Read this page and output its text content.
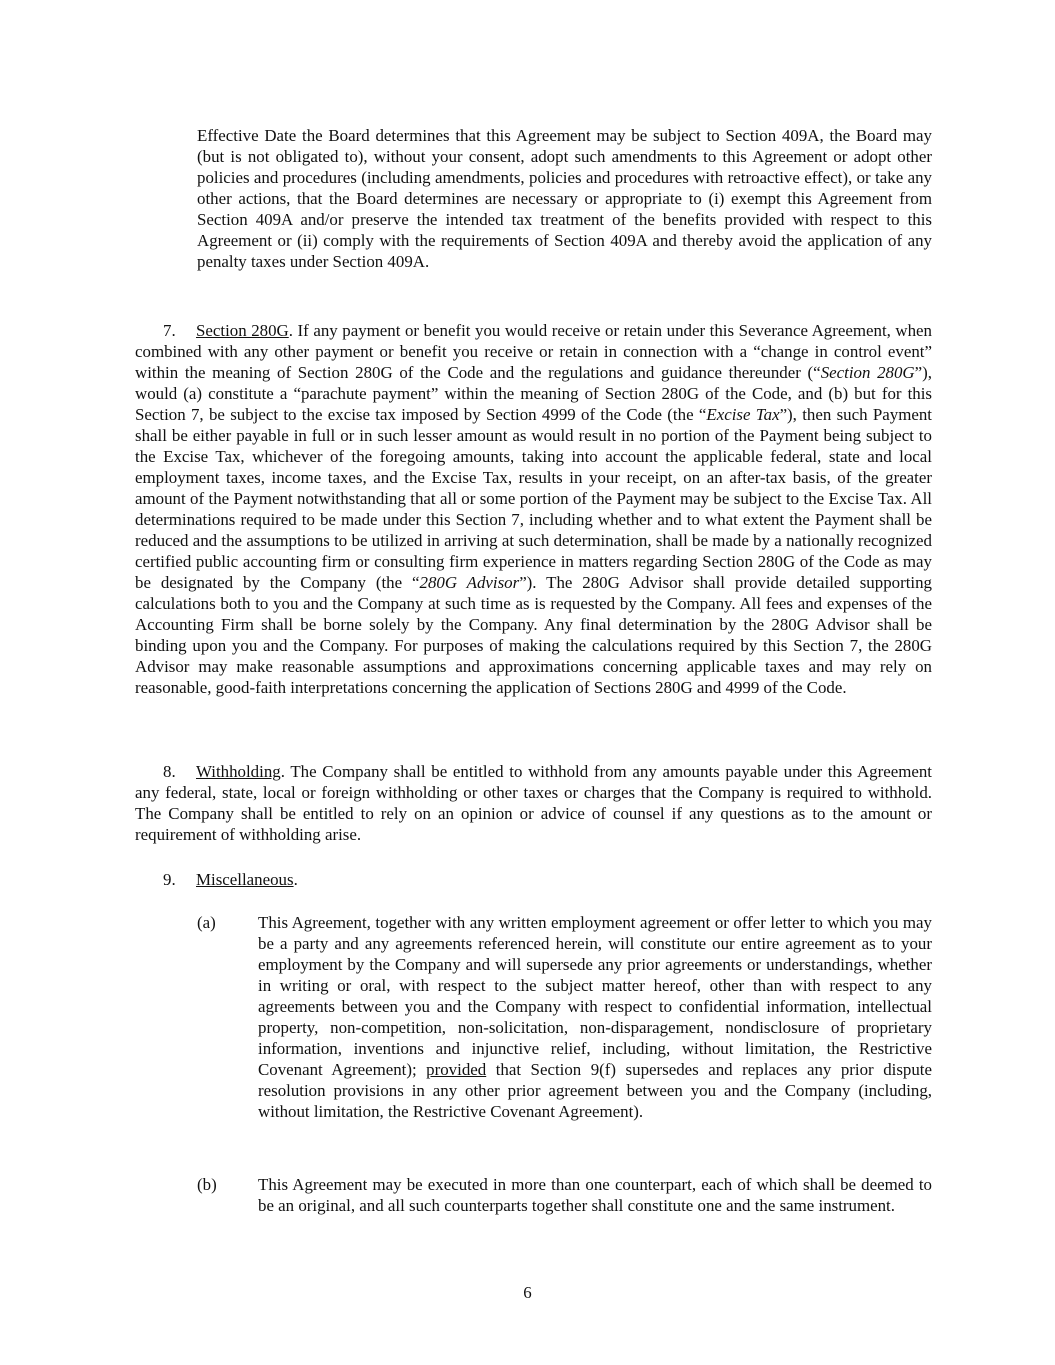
Effective Date the Board determines that this Agreement may be subject to Section 409A, the Board may (but is not obligated to), without your consent, adopt such amendments to this Agreement or adopt other policies and procedures (including amendments, policies and procedures with retroactive effect), or take any other actions, that the Board determines are necessary or appropriate to (i) exempt this Agreement from Section 409A and/or preserve the intended tax treatment of the benefits provided with respect to this Agreement or (ii) comply with the requirements of Section 409A and thereby avoid the application of any penalty taxes under Section 409A.

7. Section 280G. If any payment or benefit you would receive or retain under this Severance Agreement, when combined with any other payment or benefit you receive or retain in connection with a “change in control event” within the meaning of Section 280G of the Code and the regulations and guidance thereunder (“Section 280G”), would (a) constitute a “parachute payment” within the meaning of Section 280G of the Code, and (b) but for this Section 7, be subject to the excise tax imposed by Section 4999 of the Code (the “Excise Tax”), then such Payment shall be either payable in full or in such lesser amount as would result in no portion of the Payment being subject to the Excise Tax, whichever of the foregoing amounts, taking into account the applicable federal, state and local employment taxes, income taxes, and the Excise Tax, results in your receipt, on an after-tax basis, of the greater amount of the Payment notwithstanding that all or some portion of the Payment may be subject to the Excise Tax. All determinations required to be made under this Section 7, including whether and to what extent the Payment shall be reduced and the assumptions to be utilized in arriving at such determination, shall be made by a nationally recognized certified public accounting firm or consulting firm experience in matters regarding Section 280G of the Code as may be designated by the Company (the “280G Advisor”). The 280G Advisor shall provide detailed supporting calculations both to you and the Company at such time as is requested by the Company. All fees and expenses of the Accounting Firm shall be borne solely by the Company. Any final determination by the 280G Advisor shall be binding upon you and the Company. For purposes of making the calculations required by this Section 7, the 280G Advisor may make reasonable assumptions and approximations concerning applicable taxes and may rely on reasonable, good-faith interpretations concerning the application of Sections 280G and 4999 of the Code.

8. Withholding. The Company shall be entitled to withhold from any amounts payable under this Agreement any federal, state, local or foreign withholding or other taxes or charges that the Company is required to withhold. The Company shall be entitled to rely on an opinion or advice of counsel if any questions as to the amount or requirement of withholding arise.

9. Miscellaneous.

(a)	This Agreement, together with any written employment agreement or offer letter to which you may be a party and any agreements referenced herein, will constitute our entire agreement as to your employment by the Company and will supersede any prior agreements or understandings, whether in writing or oral, with respect to the subject matter hereof, other than with respect to any agreements between you and the Company with respect to confidential information, intellectual property, non-competition, non-solicitation, non-disparagement, nondisclosure of proprietary information, inventions and injunctive relief, including, without limitation, the Restrictive Covenant Agreement); provided that Section 9(f) supersedes and replaces any prior dispute resolution provisions in any other prior agreement between you and the Company (including, without limitation, the Restrictive Covenant Agreement).

(b)	This Agreement may be executed in more than one counterpart, each of which shall be deemed to be an original, and all such counterparts together shall constitute one and the same instrument.

6
